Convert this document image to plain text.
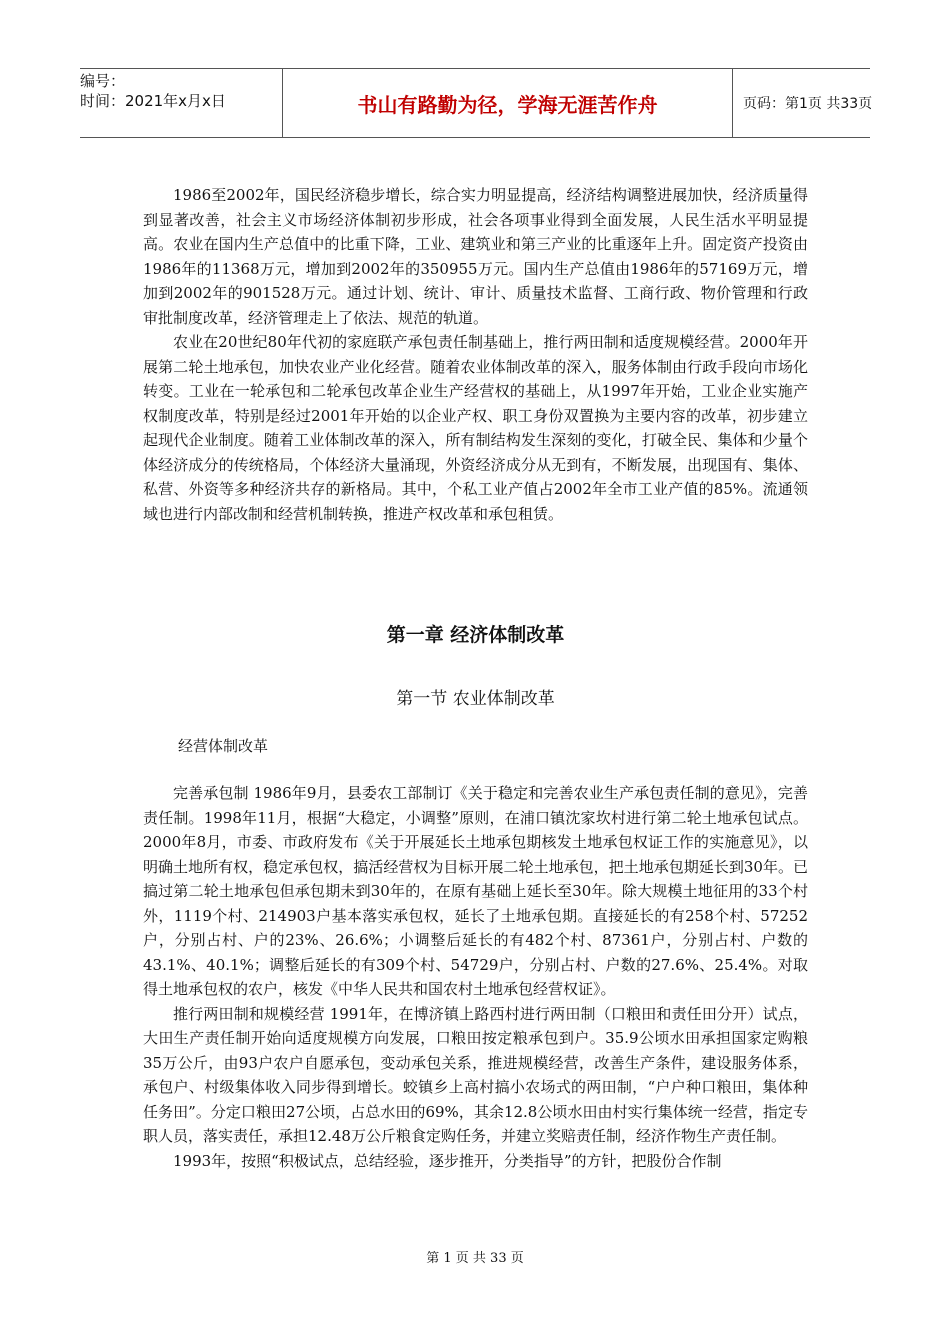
编号：
时间：2021年x月x日	书山有路勤为径，学海无涯苦作舟	页码：第1页 共33页

1986至2002年，国民经济稳步增长，综合实力明显提高，经济结构调整进展加快，经济质量得到显著改善，社会主义市场经济体制初步形成，社会各项事业得到全面发展，人民生活水平明显提高。农业在国内生产总值中的比重下降，工业、建筑业和第三产业的比重逐年上升。固定资产投资由1986年的11368万元，增加到2002年的350955万元。国内生产总值由1986年的57169万元，增加到2002年的901528万元。通过计划、统计、审计、质量技术监督、工商行政、物价管理和行政审批制度改革，经济管理走上了依法、规范的轨道。

农业在20世纪80年代初的家庭联产承包责任制基础上，推行两田制和适度规模经营。2000年开展第二轮土地承包，加快农业产业化经营。随着农业体制改革的深入，服务体制由行政手段向市场化转变。工业在一轮承包和二轮承包改革企业生产经营权的基础上，从1997年开始，工业企业实施产权制度改革，特别是经过2001年开始的以企业产权、职工身份双置换为主要内容的改革，初步建立起现代企业制度。随着工业体制改革的深入，所有制结构发生深刻的变化，打破全民、集体和少量个体经济成分的传统格局，个体经济大量涌现，外资经济成分从无到有，不断发展，出现国有、集体、私营、外资等多种经济共存的新格局。其中，个私工业产值占2002年全市工业产值的85%。流通领域也进行内部改制和经营机制转换，推进产权改革和承包租赁。

第一章 经济体制改革
第一节 农业体制改革
经营体制改革

完善承包制 1986年9月，县委农工部制订《关于稳定和完善农业生产承包责任制的意见》，完善责任制。1998年11月，根据“大稳定，小调整”原则，在浦口镇沈家坎村进行第二轮土地承包试点。2000年8月，市委、市政府发布《关于开展延长土地承包期核发土地承包权证工作的实施意见》，以明确土地所有权，稳定承包权，搞活经营权为目标开展二轮土地承包，把土地承包期延长到30年。已搞过第二轮土地承包但承包期未到30年的，在原有基础上延长至30年。除大规模土地征用的33个村外，1119个村、214903户基本落实承包权，延长了土地承包期。直接延长的有258个村、57252户，分别占村、户的23%、26.6%；小调整后延长的有482个村、87361户，分别占村、户数的43.1%、40.1%；调整后延长的有309个村、54729户，分别占村、户数的27.6%、25.4%。对取得土地承包权的农户，核发《中华人民共和国农村土地承包经营权证》。

推行两田制和规模经营 1991年，在博济镇上路西村进行两田制（口粮田和责任田分开）试点，大田生产责任制开始向适度规模方向发展，口粮田按定粮承包到户。35.9公顷水田承担国家定购粮35万公斤，由93户农户自愿承包，变动承包关系，推进规模经营，改善生产条件，建设服务体系，承包户、村级集体收入同步得到增长。蛟镇乡上高村搞小农场式的两田制，“户户种口粮田，集体种任务田”。分定口粮田27公顷，占总水田的69%，其余12.8公顷水田由村实行集体统一经营，指定专职人员，落实责任，承担12.48万公斤粮食定购任务，并建立奖赔责任制，经济作物生产责任制。

1993年，按照“积极试点，总结经验，逐步推开，分类指导”的方针，把股份合作制

第 1 页 共 33 页
